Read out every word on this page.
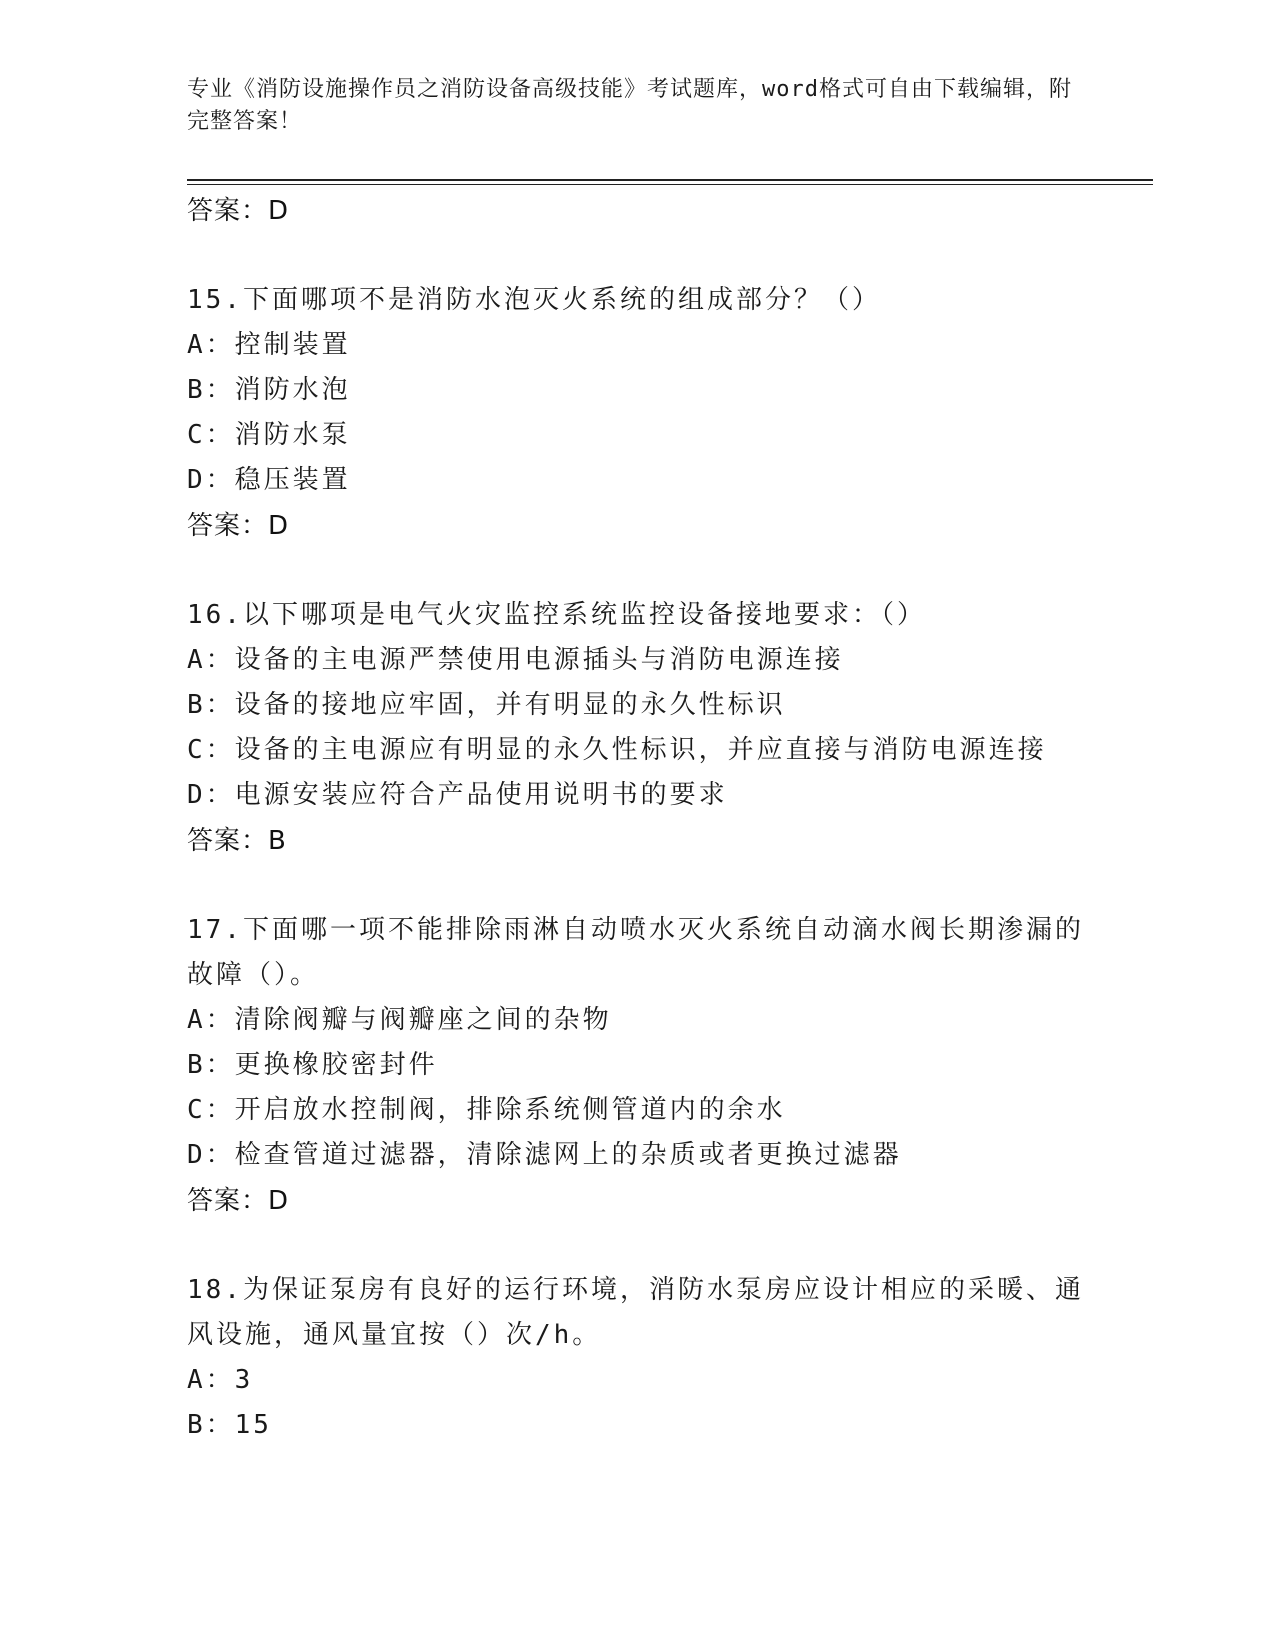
专业《消防设施操作员之消防设备高级技能》考试题库，word格式可自由下载编辑，附完整答案！
答案：D
15.下面哪项不是消防水泡灭火系统的组成部分？（）
A：控制装置
B：消防水泡
C：消防水泵
D：稳压装置
答案：D
16.以下哪项是电气火灾监控系统监控设备接地要求：（）
A：设备的主电源严禁使用电源插头与消防电源连接
B：设备的接地应牢固，并有明显的永久性标识
C：设备的主电源应有明显的永久性标识，并应直接与消防电源连接
D：电源安装应符合产品使用说明书的要求
答案：B
17.下面哪一项不能排除雨淋自动喷水灭火系统自动滴水阀长期渗漏的故障（）。
A：清除阀瓣与阀瓣座之间的杂物
B：更换橡胶密封件
C：开启放水控制阀，排除系统侧管道内的余水
D：检查管道过滤器，清除滤网上的杂质或者更换过滤器
答案：D
18.为保证泵房有良好的运行环境，消防水泵房应设计相应的采暖、通风设施，通风量宜按（）次/h。
A：3
B：15
